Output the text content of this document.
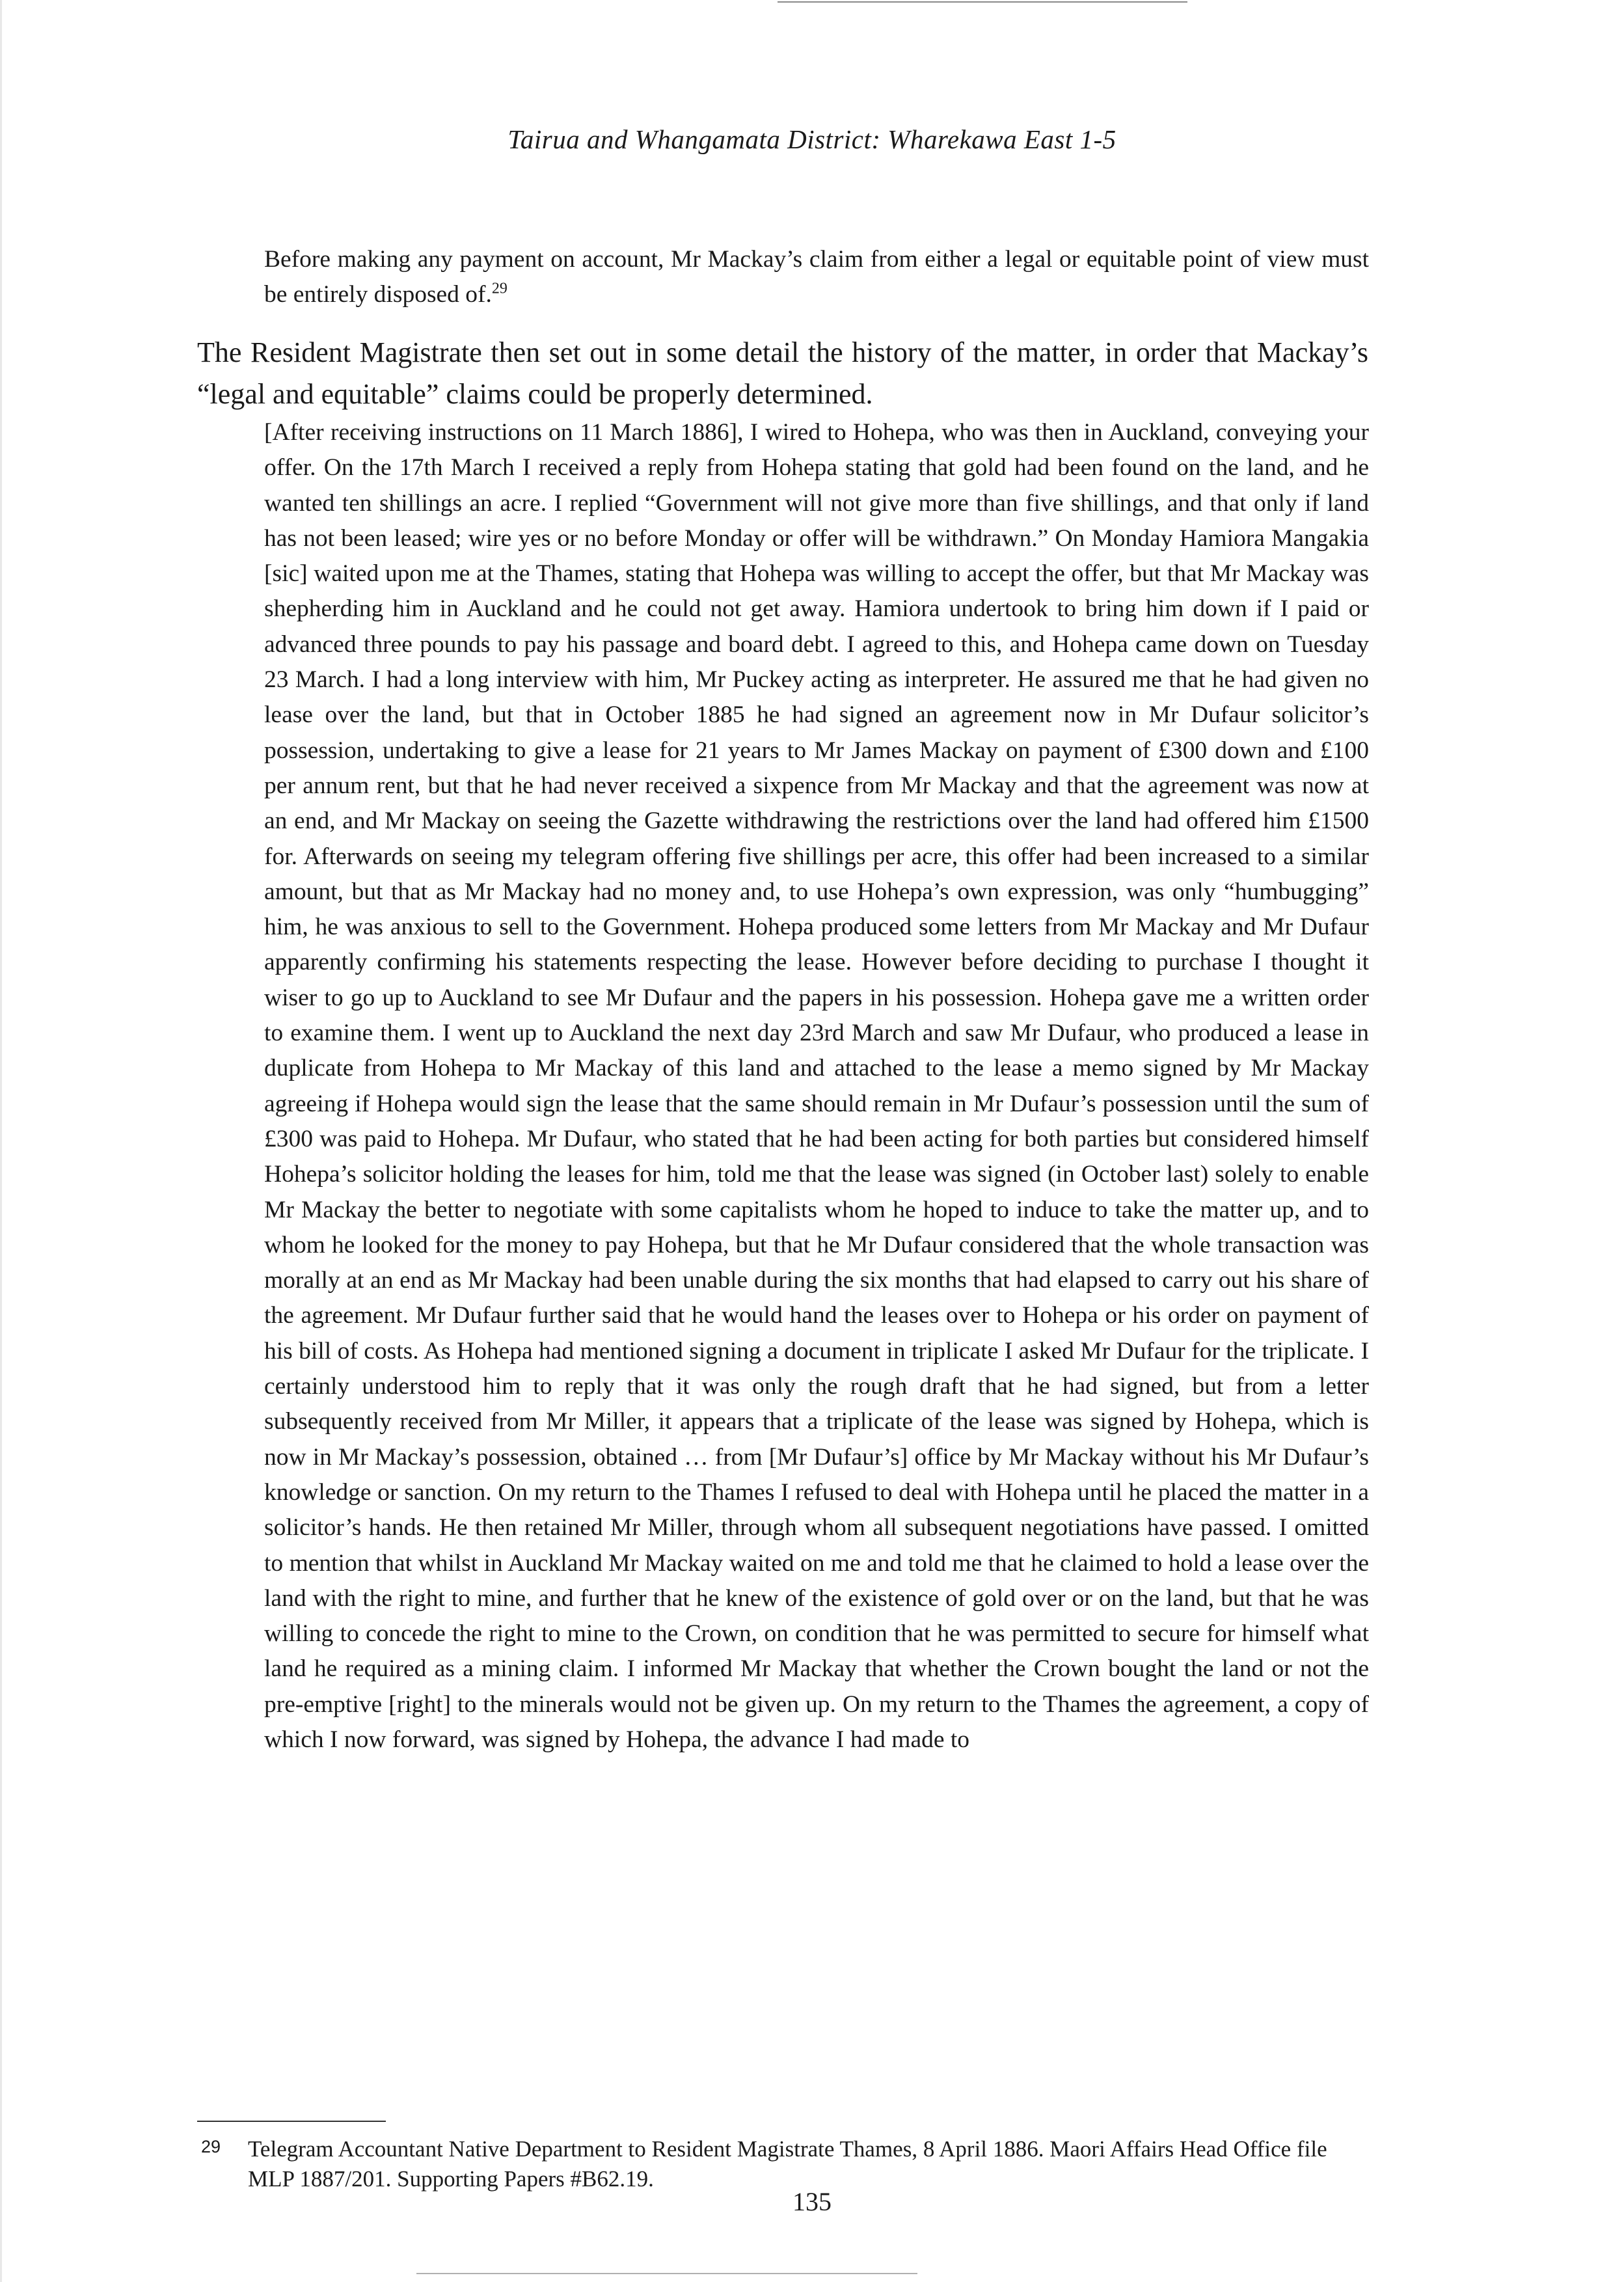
Tairua and Whangamata District: Wharekawa East 1-5
Before making any payment on account, Mr Mackay’s claim from either a legal or equitable point of view must be entirely disposed of.$^{29}$

The Resident Magistrate then set out in some detail the history of the matter, in order that Mackay’s “legal and equitable” claims could be properly determined.

[After receiving instructions on 11 March 1886], I wired to Hohepa, who was then in Auckland, conveying your offer. On the 17th March I received a reply from Hohepa stating that gold had been found on the land, and he wanted ten shillings an acre. I replied “Government will not give more than five shillings, and that only if land has not been leased; wire yes or no before Monday or offer will be withdrawn.” On Monday Hamiora Mangakia [sic] waited upon me at the Thames, stating that Hohepa was willing to accept the offer, but that Mr Mackay was shepherding him in Auckland and he could not get away. Hamiora undertook to bring him down if I paid or advanced three pounds to pay his passage and board debt. I agreed to this, and Hohepa came down on Tuesday 23 March. I had a long interview with him, Mr Puckey acting as interpreter. He assured me that he had given no lease over the land, but that in October 1885 he had signed an agreement now in Mr Dufaur solicitor’s possession, undertaking to give a lease for 21 years to Mr James Mackay on payment of £300 down and £100 per annum rent, but that he had never received a sixpence from Mr Mackay and that the agreement was now at an end, and Mr Mackay on seeing the Gazette withdrawing the restrictions over the land had offered him £1500 for. Afterwards on seeing my telegram offering five shillings per acre, this offer had been increased to a similar amount, but that as Mr Mackay had no money and, to use Hohepa’s own expression, was only “humbugging” him, he was anxious to sell to the Government. Hohepa produced some letters from Mr Mackay and Mr Dufaur apparently confirming his statements respecting the lease. However before deciding to purchase I thought it wiser to go up to Auckland to see Mr Dufaur and the papers in his possession. Hohepa gave me a written order to examine them. I went up to Auckland the next day 23rd March and saw Mr Dufaur, who produced a lease in duplicate from Hohepa to Mr Mackay of this land and attached to the lease a memo signed by Mr Mackay agreeing if Hohepa would sign the lease that the same should remain in Mr Dufaur’s possession until the sum of £300 was paid to Hohepa. Mr Dufaur, who stated that he had been acting for both parties but considered himself Hohepa’s solicitor holding the leases for him, told me that the lease was signed (in October last) solely to enable Mr Mackay the better to negotiate with some capitalists whom he hoped to induce to take the matter up, and to whom he looked for the money to pay Hohepa, but that he Mr Dufaur considered that the whole transaction was morally at an end as Mr Mackay had been unable during the six months that had elapsed to carry out his share of the agreement. Mr Dufaur further said that he would hand the leases over to Hohepa or his order on payment of his bill of costs. As Hohepa had mentioned signing a document in triplicate I asked Mr Dufaur for the triplicate. I certainly understood him to reply that it was only the rough draft that he had signed, but from a letter subsequently received from Mr Miller, it appears that a triplicate of the lease was signed by Hohepa, which is now in Mr Mackay’s possession, obtained … from [Mr Dufaur’s] office by Mr Mackay without his Mr Dufaur’s knowledge or sanction. On my return to the Thames I refused to deal with Hohepa until he placed the matter in a solicitor’s hands. He then retained Mr Miller, through whom all subsequent negotiations have passed. I omitted to mention that whilst in Auckland Mr Mackay waited on me and told me that he claimed to hold a lease over the land with the right to mine, and further that he knew of the existence of gold over or on the land, but that he was willing to concede the right to mine to the Crown, on condition that he was permitted to secure for himself what land he required as a mining claim. I informed Mr Mackay that whether the Crown bought the land or not the pre-emptive [right] to the minerals would not be given up. On my return to the Thames the agreement, a copy of which I now forward, was signed by Hohepa, the advance I had made to

29 Telegram Accountant Native Department to Resident Magistrate Thames, 8 April 1886. Maori Affairs Head Office file MLP 1887/201. Supporting Papers #B62.19.
135
